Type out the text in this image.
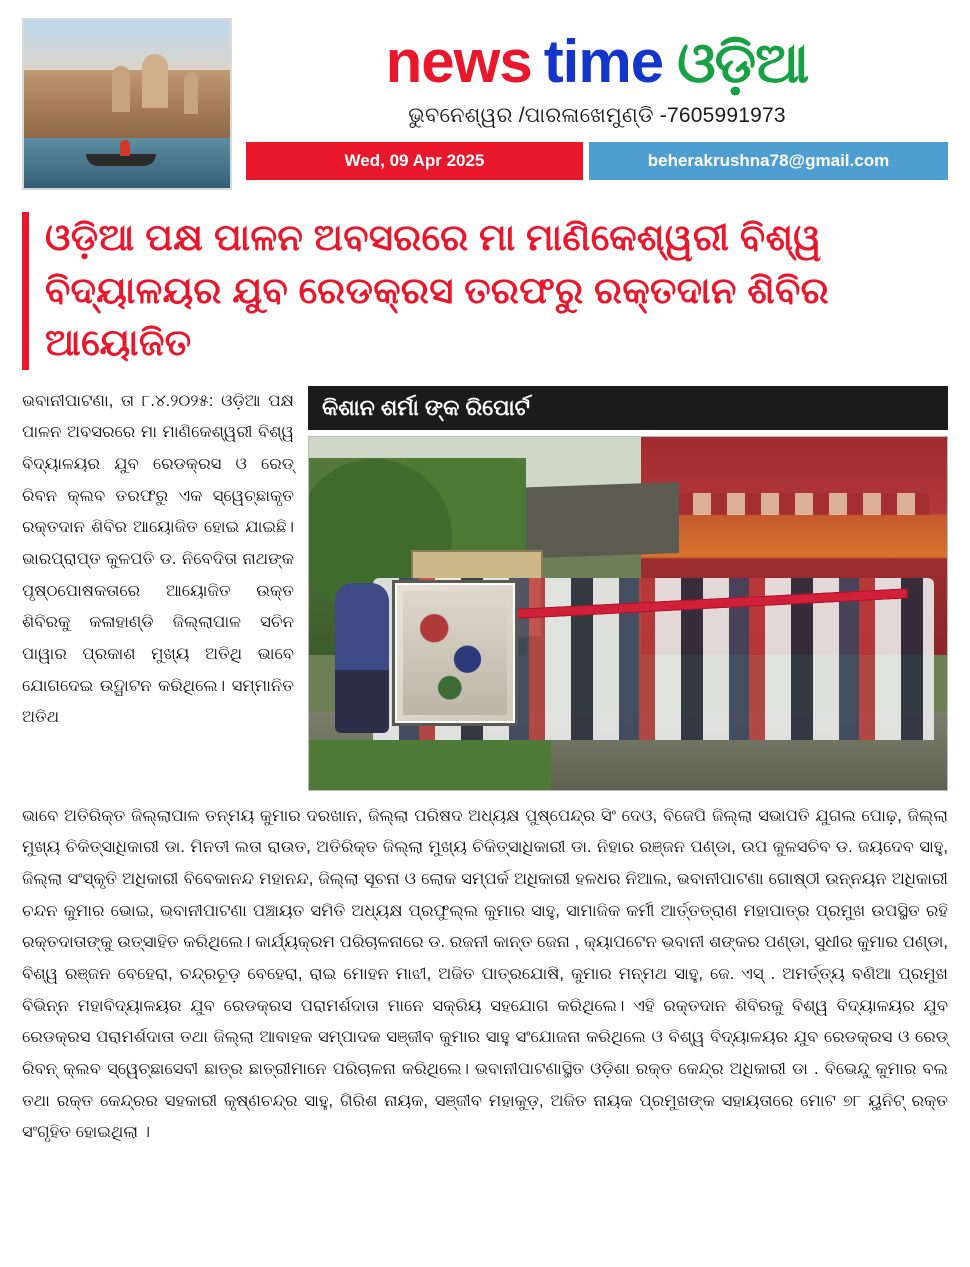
news time ଓଡ଼ିଆ
ଭୁବନେଶ୍ୱର /ପାରଳାଖେମୁଣ୍ଡି -7605991973
Wed, 09 Apr 2025	beherakrushna78@gmail.com
ଓଡ଼ିଆ ପକ୍ଷ ପାଳନ ଅବସରରେ ମା ମାଣିକେଶ୍ୱରୀ ବିଶ୍ୱ ବିଦ୍ୟାଳୟର ଯୁବ ରେଡକ୍ରସ ତରଫରୁ ରକ୍ତଦାନ ଶିବିର ଆୟୋଜିତ
ଭବାନୀପାଟଣା, ତା ୮.୪.୨୦୨୫: ଓଡ଼ିଆ ପକ୍ଷ ପାଳନ ଅବସରରେ ମା ମାଣିକେଶ୍ୱରୀ ବିଶ୍ୱ ବିଦ୍ୟାଳୟର ଯୁବ ରେଡକ୍ରସ ଓ ରେଡ୍ ରିବନ କ୍ଲବ ତରଫରୁ ଏକ ସ୍ୱେଚ୍ଛାକୃତ ରକ୍ତଦାନ ଶିବିର ଆୟୋଜିତ ହୋଇ ଯାଇଛି। ଭାରପ୍ରାପ୍ତ କୁଳପତି ଡ. ନିବେଦିତା ନାଥଙ୍କ ପୃଷ୍ଠପୋଷକତାରେ ଆୟୋଜିତ ଉକ୍ତ ଶିବିରକୁ କଳାହାଣ୍ଡି ଜିଲ୍ଲାପାଳ ସଚିନ ପାୱାର ପ୍ରକାଶ ମୁଖ୍ୟ ଅତିଥି ଭାବେ ଯୋଗଦେଇ ଉଦ୍ଘାଟନ କରିଥିଲେ। ସମ୍ମାନିତ ଅତିଥ
କିଶାନ ଶର୍ମା ଙ୍କ ରିପୋର୍ଟ
ଭାବେ ଅତିରିକ୍ତ ଜିଲ୍ଲାପାଳ ତନ୍ମୟ କୁମାର ଦରଖାନ, ଜିଲ୍ଲା ପରିଷଦ ଅଧ୍ୟକ୍ଷ ପୁଷ୍ପେନ୍ଦ୍ର ସିଂ ଦେଓ, ବିଜେପି ଜିଲ୍ଲା ସଭାପତି ଯୁଗଲ ପୋଢ଼, ଜିଲ୍ଲା ମୁଖ୍ୟ ଚିକିତ୍ସାଧିକାରୀ ଡା. ମିନତୀ ଲତା ରାଉତ, ଅତିରିକ୍ତ ଜିଲ୍ଲା ମୁଖ୍ୟ ଚିକିତ୍ସାଧିକାରୀ ଡା. ନିହାର ରଞ୍ଜନ ପଣ୍ଡା, ଉପ କୁଳସଚିବ ଡ. ଜୟଦେବ ସାହୁ, ଜିଲ୍ଲା ସଂସ୍କୃତି ଅଧିକାରୀ ବିବେକାନନ୍ଦ ମହାନନ୍ଦ, ଜିଲ୍ଲା ସୂଚନା ଓ ଲୋକ ସମ୍ପର୍କ ଅଧିକାରୀ ହଳଧର ନିଆଲ, ଭବାନୀପାଟଣା ଗୋଷ୍ଠୀ ଉନ୍ନୟନ ଅଧିକାରୀ ଚନ୍ଦନ କୁମାର ଭୋଇ, ଭବାନୀପାଟଣା ପଞ୍ଚାୟତ ସମିତି ଅଧ୍ୟକ୍ଷ ପ୍ରଫୁଲ୍ଲ କୁମାର ସାହୁ, ସାମାଜିକ କର୍ମୀ ଆର୍ତ୍ତତ୍ରାଣ ମହାପାତ୍ର ପ୍ରମୁଖ ଉପସ୍ଥିତ ରହି ରକ୍ତଦାତାଙ୍କୁ ଉତ୍ସାହିତ କରିଥିଲେ। କାର୍ଯ୍ୟକ୍ରମ ପରିଚାଳନାରେ ଡ. ରଜନୀ କାନ୍ତ ଜେନା , କ୍ୟାପଟେନ ଭବାନୀ ଶଙ୍କର ପଣ୍ଡା, ସୁଧୀର କୁମାର ପଣ୍ଡା, ବିଶ୍ୱ ରଞ୍ଜନ ବେହେରା, ଚନ୍ଦ୍ରଚୂଡ଼ ବେହେରା, ରାଇ ମୋହନ ମାଝୀ, ଅଜିତ ପାତ୍ରଯୋଷି, କୁମାର ମନ୍ମଥ ସାହୁ, ଜେ. ଏସ୍ . ଅମର୍ତ୍ତ୍ୟ ବଣିଆ ପ୍ରମୁଖ ବିଭିନ୍ନ ମହାବିଦ୍ୟାଳୟର ଯୁବ ରେଡକ୍ରସ ପରାମର୍ଶଦାତା ମାନେ ସକ୍ରିୟ ସହଯୋଗ କରିଥିଲେ। ଏହି ରକ୍ତଦାନ ଶିବିରକୁ ବିଶ୍ୱ ବିଦ୍ୟାଳୟର ଯୁବ ରେଡକ୍ରସ ପରାମର୍ଶଦାତା ତଥା ଜିଲ୍ଲା ଆବାହକ ସମ୍ପାଦକ ସଞ୍ଜୀବ କୁମାର ସାହୁ ସଂଯୋଜନା କରିଥିଲେ ଓ ବିଶ୍ୱ ବିଦ୍ୟାଳୟର ଯୁବ ରେଡକ୍ରସ ଓ ରେଡ୍ ରିବନ୍ କ୍ଲବ ସ୍ୱେଚ୍ଛାସେବୀ ଛାତ୍ର ଛାତ୍ରୀମାନେ ପରିଚାଳନା କରିଥିଲେ। ଭବାନୀପାଟଣାସ୍ଥିତ ଓଡ଼ିଶା ରକ୍ତ କେନ୍ଦ୍ର ଅଧିକାରୀ ଡା . ବିଭେନ୍ଦୁ କୁମାର ବଲ ତଥା ରକ୍ତ କେନ୍ଦ୍ରର ସହକାରୀ କୃଷ୍ଣଚନ୍ଦ୍ର ସାହୁ, ଗିରିଶ ନାୟକ, ସଞ୍ଜୀବ ମହାକୁଡ଼, ଅଜିତ ନାୟକ ପ୍ରମୁଖଙ୍କ ସହାୟତାରେ ମୋଟ ୭୮ ୟୁନିଟ୍ ରକ୍ତ ସଂଗୃହିତ ହୋଇଥିଲା ।
